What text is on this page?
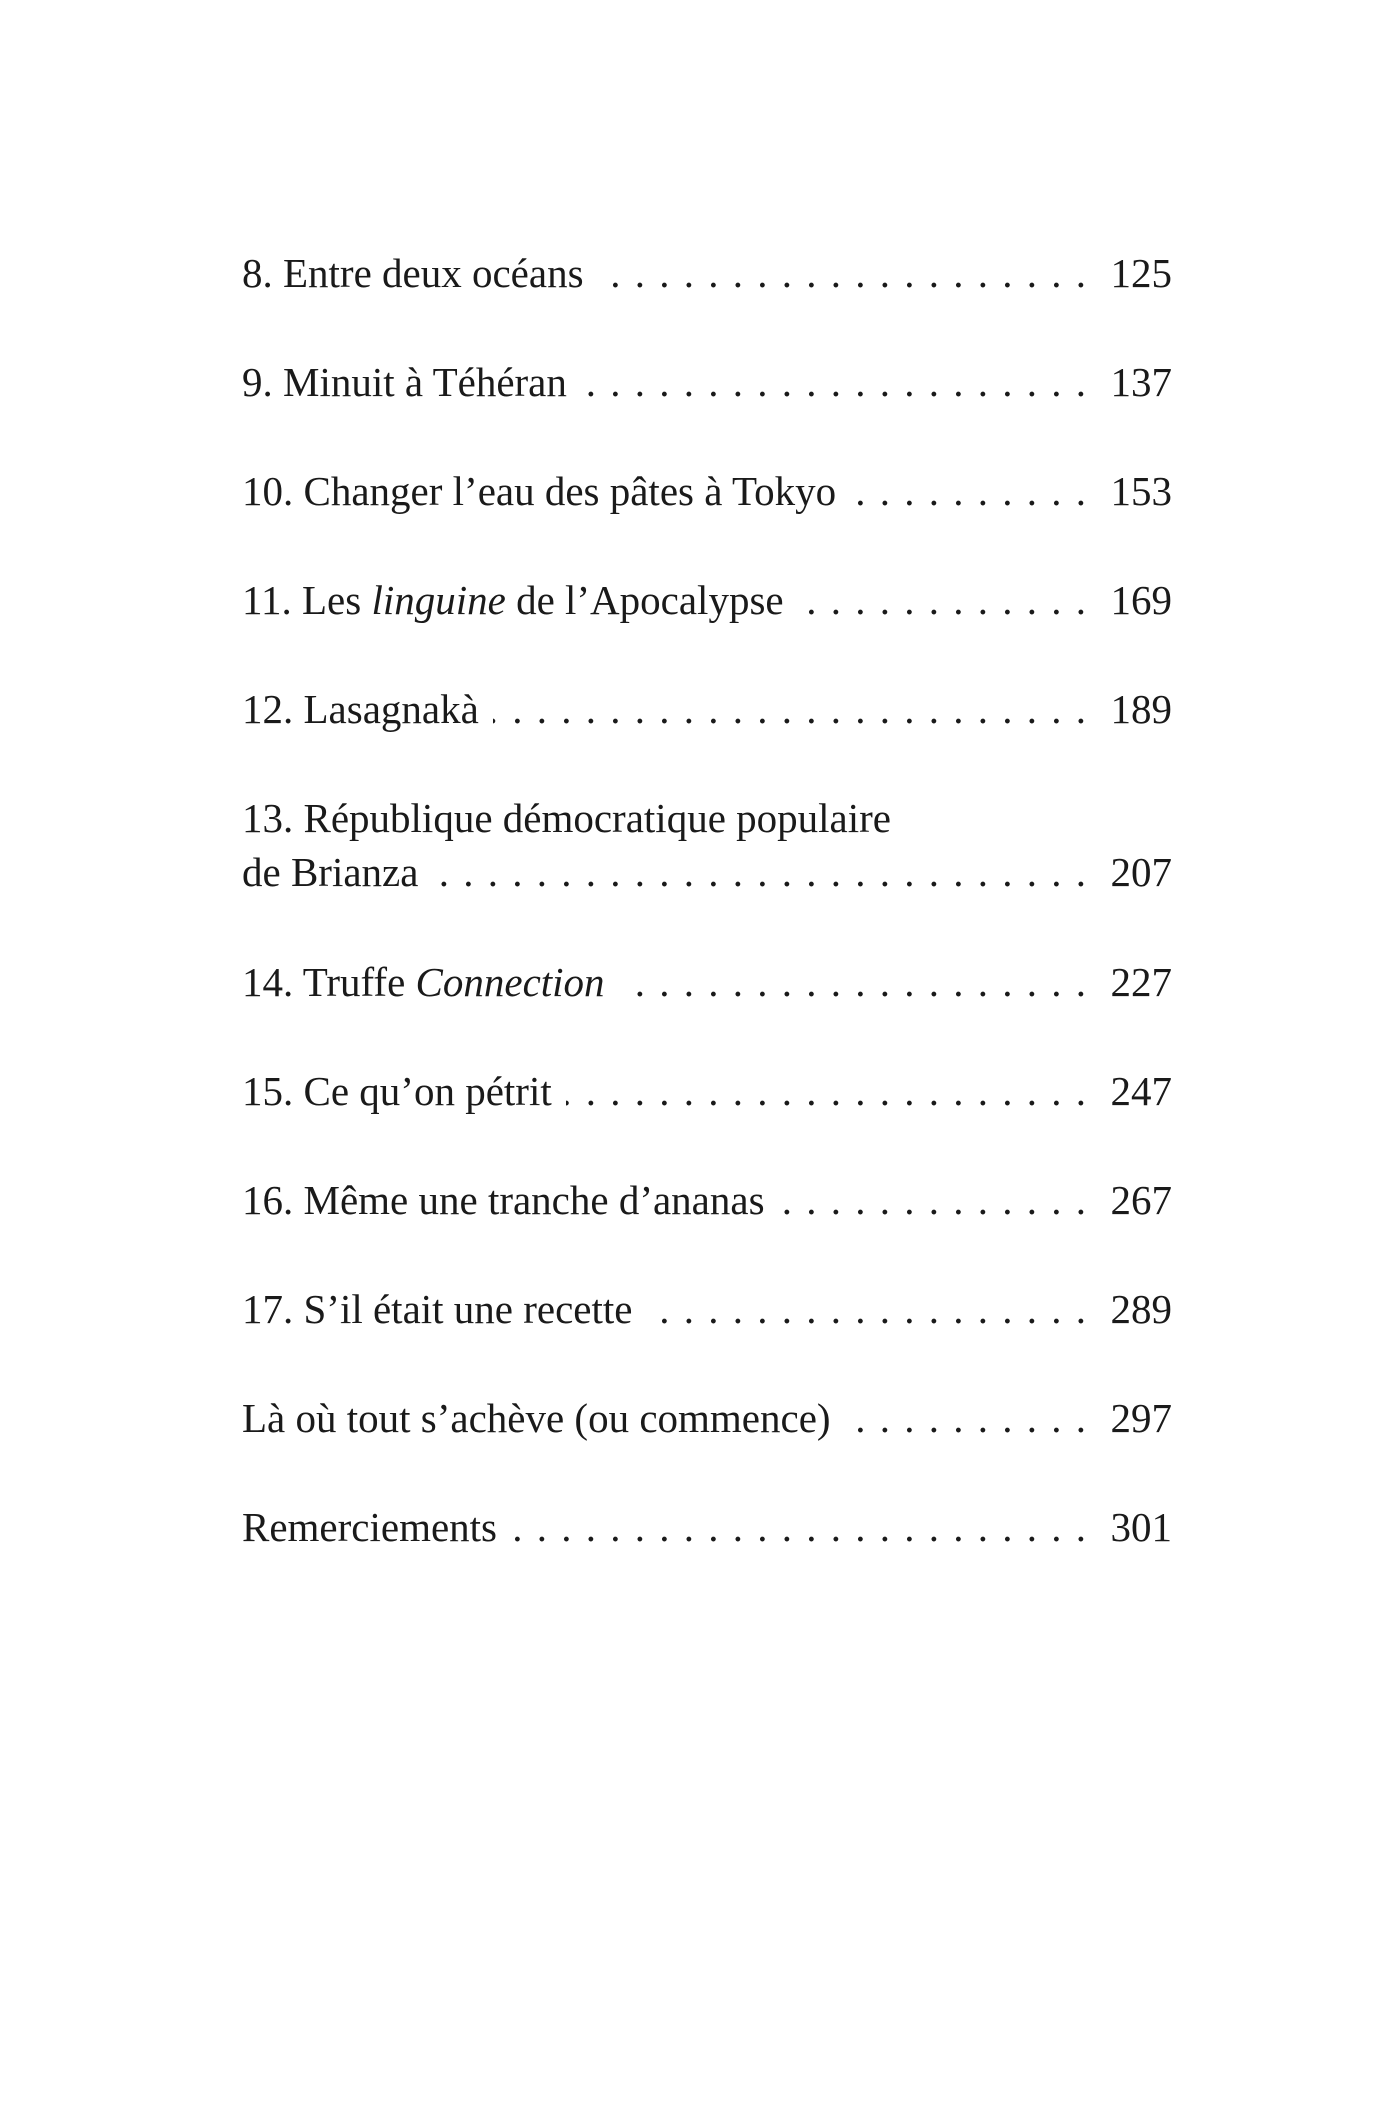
8. Entre deux océans . . .	125
9. Minuit à Téhéran . . .	137
10. Changer l’eau des pâtes à Tokyo . . .	153
11. Les linguine de l’Apocalypse . . .	169
12. Lasagnakà . . .	189
13. République démocratique populaire
de Brianza . . .	207
14. Truffe Connection . . .	227
15. Ce qu’on pétrit . . .	247
16. Même une tranche d’ananas . . .	267
17. S’il était une recette . . .	289
Là où tout s’achève (ou commence) . . .	297
Remerciements . . .	301
